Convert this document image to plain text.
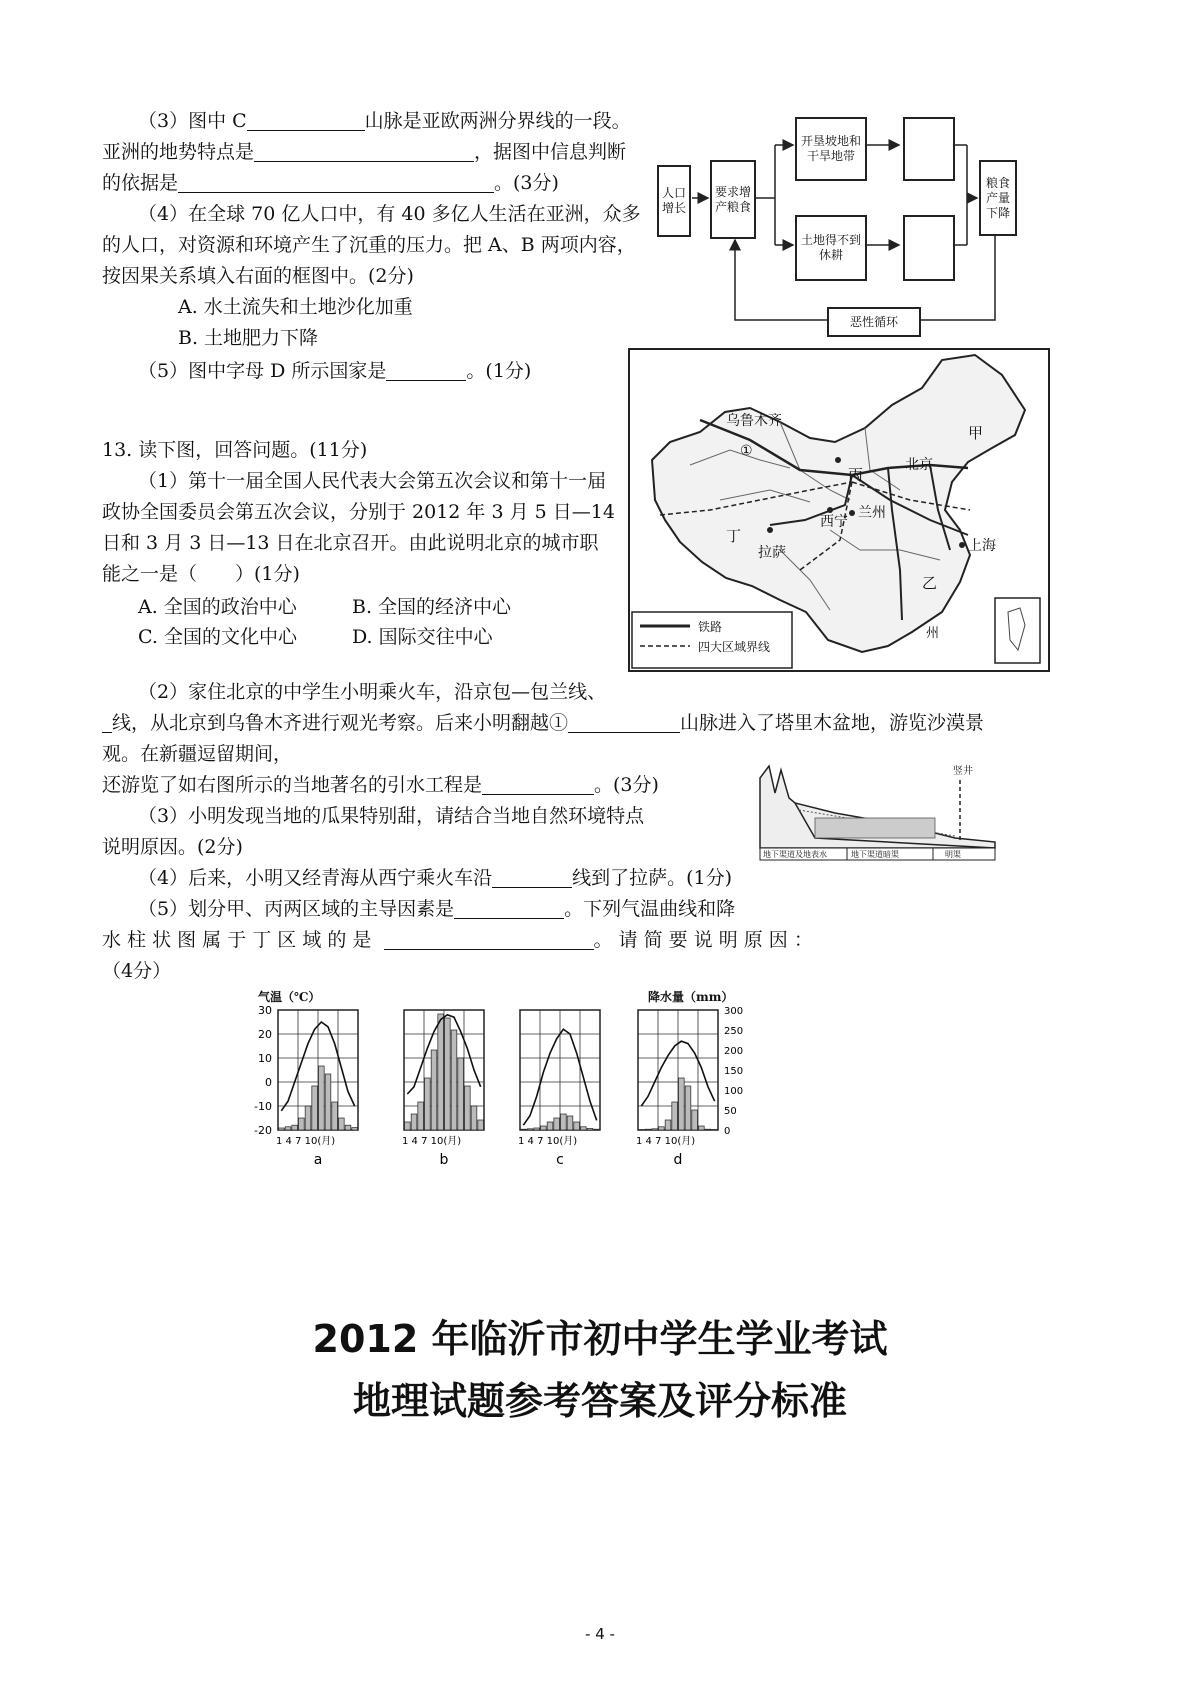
（3）图中 C	山脉是亚欧两洲分界线的一段。
亚洲的地势特点是	，据图中信息判断
的依据是	。(3分)
（4）在全球 70 亿人口中，有 40 多亿人生活在亚洲，众多
的人口，对资源和环境产生了沉重的压力。把 A、B 两项内容，
按因果关系填入右面的框图中。(2分)
A. 水土流失和土地沙化加重
B. 土地肥力下降
（5）图中字母 D 所示国家是	。(1分)
人口增长
要求增产粮食
开垦坡地和干旱地带
土地得不到休耕
粮食产量下降
恶性循环
乌鲁木齐
①
甲
丙
北京
西宁
兰州
丁
拉萨	上海
乙
州
铁路
四大区域界线
13. 读下图，回答问题。(11分)
（1）第十一届全国人民代表大会第五次会议和第十一届
政协全国委员会第五次会议，分别于 2012 年 3 月 5 日—14
日和 3 月 3 日—13 日在北京召开。由此说明北京的城市职
能之一是（　　）(1分)
A. 全国的政治中心	B. 全国的经济中心
C. 全国的文化中心	D. 国际交往中心
（2）家住北京的中学生小明乘火车，沿京包—包兰线、
线，从北京到乌鲁木齐进行观光考察。后来小明翻越①	山脉进入了塔里木盆地，游览沙漠景
观。在新疆逗留期间，
还游览了如右图所示的当地著名的引水工程是	。(3分)
（3）小明发现当地的瓜果特别甜，请结合当地自然环境特点
说明原因。(2分)
（4）后来，小明又经青海从西宁乘火车沿	线到了拉萨。(1分)
（5）划分甲、丙两区域的主导因素是	。下列气温曲线和降
水 柱 状 图 属 于 丁 区 域 的 是	。 请 简 要 说 明 原 因 ：
（4分）
竖井
地下渠道及地表水	地下渠道暗渠	明渠
30
20
10
0
-10
-20
300
250
200
150
100
50
0
1 4 7 10(月)
a
1 4 7 10(月)
b
1 4 7 10(月)
c
1 4 7 10(月)
d
气温（℃）	降水量（mm）
2012 年临沂市初中学生学业考试
地理试题参考答案及评分标准
- 4 -
